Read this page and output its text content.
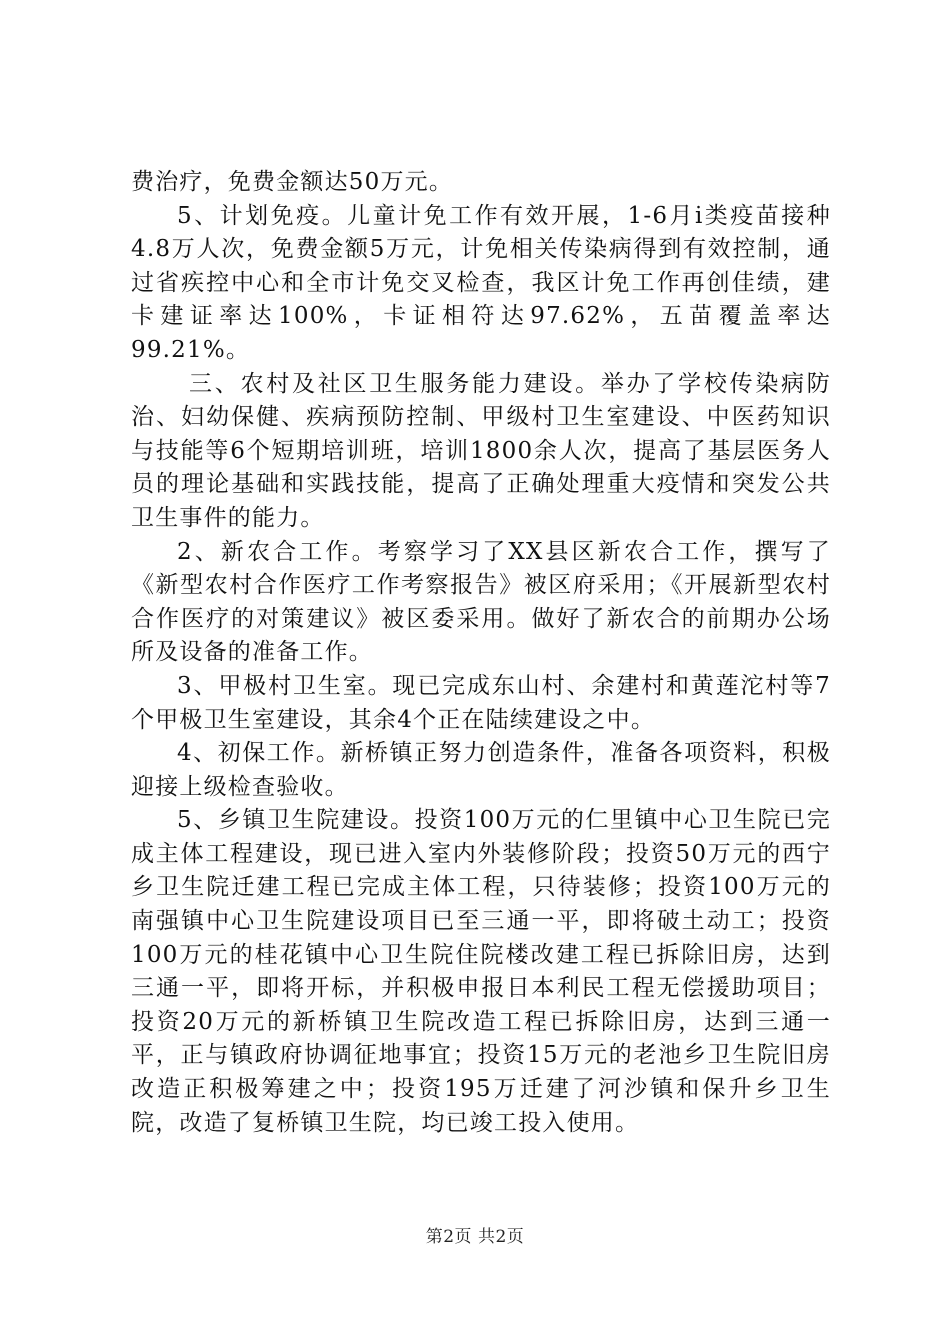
费治疗，免费金额达50万元。

5、计划免疫。儿童计免工作有效开展，1-6月ⅰ类疫苗接种4.8万人次，免费金额5万元，计免相关传染病得到有效控制，通过省疾控中心和全市计免交叉检查，我区计免工作再创佳绩，建卡建证率达100%，卡证相符达97.62%，五苗覆盖率达99.21%。

三、农村及社区卫生服务能力建设。举办了学校传染病防治、妇幼保健、疾病预防控制、甲级村卫生室建设、中医药知识与技能等6个短期培训班，培训1800余人次，提高了基层医务人员的理论基础和实践技能，提高了正确处理重大疫情和突发公共卫生事件的能力。

2、新农合工作。考察学习了XX县区新农合工作，撰写了《新型农村合作医疗工作考察报告》被区府采用；《开展新型农村合作医疗的对策建议》被区委采用。做好了新农合的前期办公场所及设备的准备工作。

3、甲极村卫生室。现已完成东山村、余建村和黄莲沱村等7个甲极卫生室建设，其余4个正在陆续建设之中。

4、初保工作。新桥镇正努力创造条件，准备各项资料，积极迎接上级检查验收。

5、乡镇卫生院建设。投资100万元的仁里镇中心卫生院已完成主体工程建设，现已进入室内外装修阶段；投资50万元的西宁乡卫生院迁建工程已完成主体工程，只待装修；投资100万元的南强镇中心卫生院建设项目已至三通一平，即将破土动工；投资100万元的桂花镇中心卫生院住院楼改建工程已拆除旧房，达到三通一平，即将开标，并积极申报日本利民工程无偿援助项目；投资20万元的新桥镇卫生院改造工程已拆除旧房，达到三通一平，正与镇政府协调征地事宜；投资15万元的老池乡卫生院旧房改造正积极筹建之中；投资195万迁建了河沙镇和保升乡卫生院，改造了复桥镇卫生院，均已竣工投入使用。

第2页 共2页
